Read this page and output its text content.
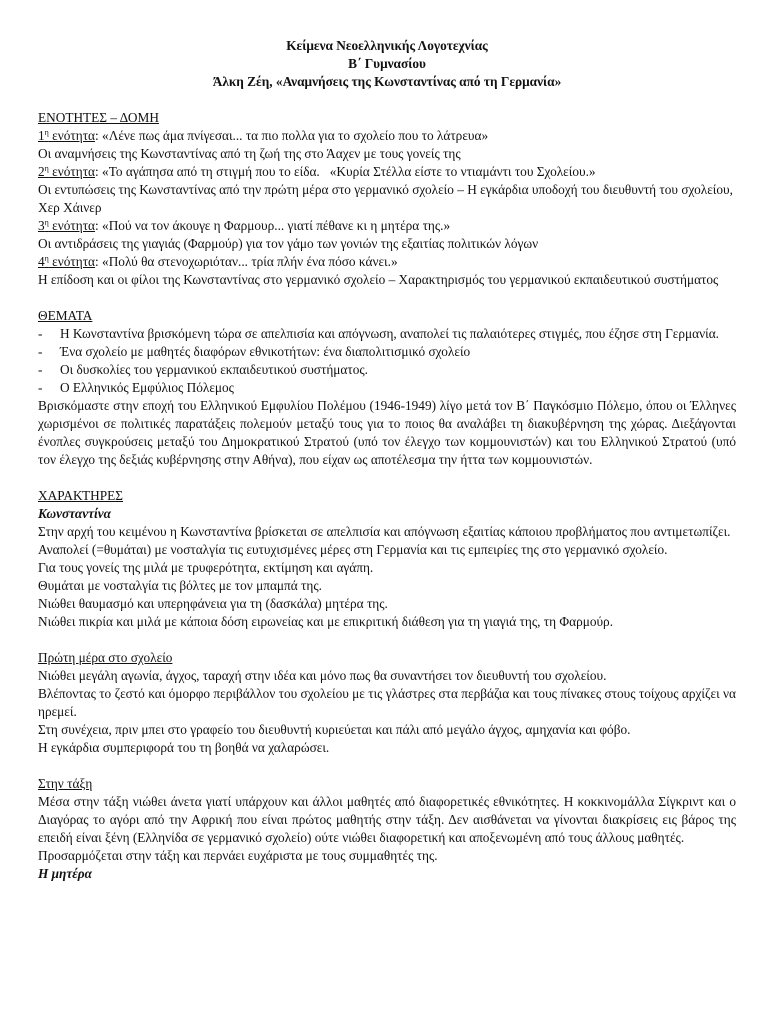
Κείμενα Νεοελληνικής Λογοτεχνίας
Β΄ Γυμνασίου
Άλκη Ζέη, «Αναμνήσεις της Κωνσταντίνας από τη Γερμανία»

ΕΝΟΤΗΤΕΣ – ΔΟΜΗ

$1^\eta$ ενότητα: «Λένε πως άμα πνίγεσαι... τα πιο πολλα για το σχολείο που το λάτρευα»

Οι αναμνήσεις της Κωνσταντίνας από τη ζωή της στο Άαχεν με τους γονείς της

$2^\eta$ ενότητα: «Το αγάπησα από τη στιγμή που το είδα.   «Κυρία Στέλλα είστε το ντιαμάντι του Σχολείου.»

Οι εντυπώσεις της Κωνσταντίνας από την πρώτη μέρα στο γερμανικό σχολείο – Η εγκάρδια υποδοχή του διευθυντή του σχολείου, Χερ Χάινερ

$3^\eta$ ενότητα: «Πού να τον άκουγε η Φαρμουρ... γιατί πέθανε κι η μητέρα της.»

Οι αντιδράσεις της γιαγιάς (Φαρμούρ) για τον γάμο των γονιών της εξαιτίας πολιτικών λόγων

$4^\eta$ ενότητα: «Πολύ θα στενοχωριόταν... τρία πλήν ένα πόσο κάνει.»

Η επίδοση και οι φίλοι της Κωνσταντίνας στο γερμανικό σχολείο – Χαρακτηρισμός του γερμανικού εκπαιδευτικού συστήματος

ΘΕΜΑΤΑ

- Η Κωνσταντίνα βρισκόμενη τώρα σε απελπισία και απόγνωση, αναπολεί τις παλαιότερες στιγμές, που έζησε στη Γερμανία.
- Ένα σχολείο με μαθητές διαφόρων εθνικοτήτων: ένα διαπολιτισμικό σχολείο
- Οι δυσκολίες του γερμανικού εκπαιδευτικού συστήματος.
- Ο Ελληνικός Εμφύλιος Πόλεμος

Βρισκόμαστε στην εποχή του Ελληνικού Εμφυλίου Πολέμου (1946-1949) λίγο μετά τον Β΄ Παγκόσμιο Πόλεμο, όπου οι Έλληνες χωρισμένοι σε πολιτικές παρατάξεις πολεμούν μεταξύ τους για το ποιος θα αναλάβει τη διακυβέρνηση της χώρας. Διεξάγονται ένοπλες συγκρούσεις μεταξύ του Δημοκρατικού Στρατού (υπό τον έλεγχο των κομμουνιστών) και του Ελληνικού Στρατού (υπό τον έλεγχο της δεξιάς κυβέρνησης στην Αθήνα), που είχαν ως αποτέλεσμα την ήττα των κομμουνιστών.

ΧΑΡΑΚΤΗΡΕΣ

Κωνσταντίνα

Στην αρχή του κειμένου η Κωνσταντίνα βρίσκεται σε απελπισία και απόγνωση εξαιτίας κάποιου προβλήματος που αντιμετωπίζει.

Αναπολεί (=θυμάται) με νοσταλγία τις ευτυχισμένες μέρες στη Γερμανία και τις εμπειρίες της στο γερμανικό σχολείο.

Για τους γονείς της μιλά με τρυφερότητα, εκτίμηση και αγάπη.

Θυμάται με νοσταλγία τις βόλτες με τον μπαμπά της.

Νιώθει θαυμασμό και υπερηφάνεια για τη (δασκάλα) μητέρα της.

Νιώθει πικρία και μιλά με κάποια δόση ειρωνείας και με επικριτική διάθεση για τη γιαγιά της, τη Φαρμούρ.

Πρώτη μέρα στο σχολείο

Νιώθει μεγάλη αγωνία, άγχος, ταραχή στην ιδέα και μόνο πως θα συναντήσει τον διευθυντή του σχολείου.

Βλέποντας το ζεστό και όμορφο περιβάλλον του σχολείου με τις γλάστρες στα περβάζια και τους πίνακες στους τοίχους αρχίζει να ηρεμεί.

Στη συνέχεια, πριν μπει στο γραφείο του διευθυντή κυριεύεται και πάλι από μεγάλο άγχος, αμηχανία και φόβο.

Η εγκάρδια συμπεριφορά του τη βοηθά να χαλαρώσει.

Στην τάξη

Μέσα στην τάξη νιώθει άνετα γιατί υπάρχουν και άλλοι μαθητές από διαφορετικές εθνικότητες. Η κοκκινομάλλα Σίγκριντ και ο Διαγόρας το αγόρι από την Αφρική που είναι πρώτος μαθητής στην τάξη. Δεν αισθάνεται να γίνονται διακρίσεις εις βάρος της επειδή είναι ξένη (Ελληνίδα σε γερμανικό σχολείο) ούτε νιώθει διαφορετική και αποξενωμένη από τους άλλους μαθητές.

Προσαρμόζεται στην τάξη και περνάει ευχάριστα με τους συμμαθητές της.

Η μητέρα
